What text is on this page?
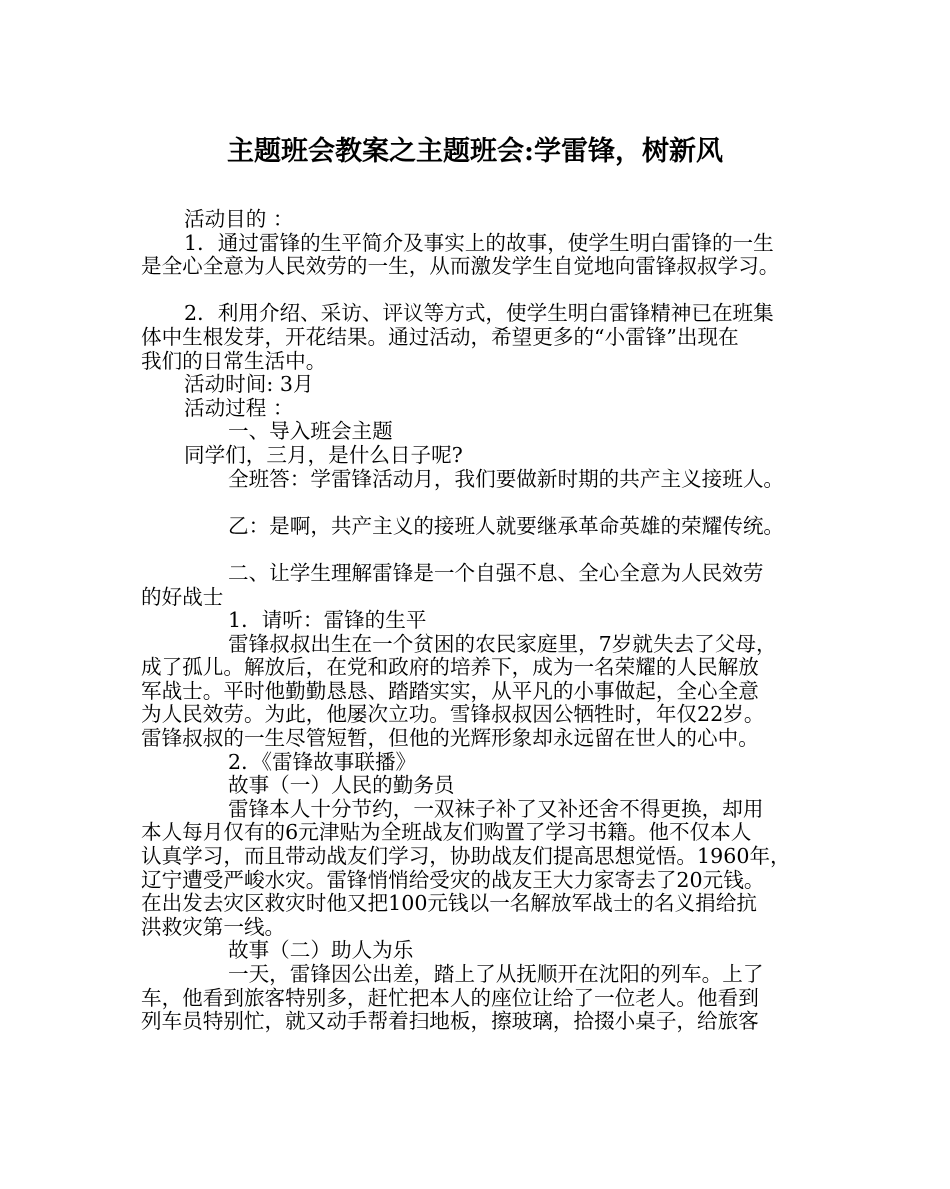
主题班会教案之主题班会:学雷锋，树新风

活动目的 ：

1．通过雷锋的生平简介及事实上的故事，使学生明白雷锋的一生

是全心全意为人民效劳的一生，从而激发学生自觉地向雷锋叔叔学习。

2．利用介绍、采访、评议等方式，使学生明白雷锋精神已在班集

体中生根发芽，开花结果。通过活动，希望更多的“小雷锋”出现在

我们的日常生活中。

活动时间: 3月

活动过程 ：

一、导入班会主题

同学们，三月，是什么日子呢?

全班答：学雷锋活动月，我们要做新时期的共产主义接班人。

乙：是啊，共产主义的接班人就要继承革命英雄的荣耀传统。

二、让学生理解雷锋是一个自强不息、全心全意为人民效劳

的好战士

1．请听：雷锋的生平

雷锋叔叔出生在一个贫困的农民家庭里，7岁就失去了父母，

成了孤儿。解放后，在党和政府的培养下，成为一名荣耀的人民解放

军战士。平时他勤勤恳恳、踏踏实实，从平凡的小事做起，全心全意

为人民效劳。为此，他屡次立功。雪锋叔叔因公牺牲时，年仅22岁。

雷锋叔叔的一生尽管短暂，但他的光辉形象却永远留在世人的心中。

2．《雷锋故事联播》

故事（一）人民的勤务员

雷锋本人十分节约，一双袜子补了又补还舍不得更换，却用

本人每月仅有的6元津贴为全班战友们购置了学习书籍。他不仅本人

认真学习，而且带动战友们学习，协助战友们提高思想觉悟。1960年，

辽宁遭受严峻水灾。雷锋悄悄给受灾的战友王大力家寄去了20元钱。

在出发去灾区救灾时他又把100元钱以一名解放军战士的名义捐给抗

洪救灾第一线。

故事（二）助人为乐

一天，雷锋因公出差，踏上了从抚顺开在沈阳的列车。上了

车，他看到旅客特别多，赶忙把本人的座位让给了一位老人。他看到

列车员特别忙，就又动手帮着扫地板，擦玻璃，拾掇小桌子，给旅客
